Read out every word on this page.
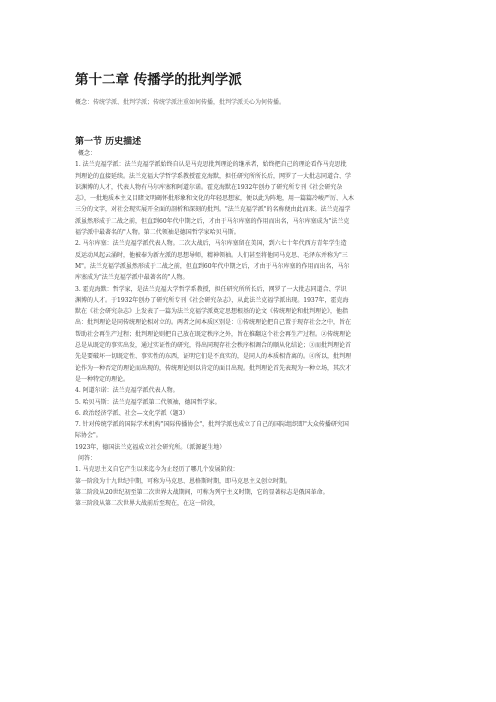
第十二章 传播学的批判学派
概念：传统学派、批判学派；传统学派注重如何传播，批判学派关心为何传播。
第一节 历史描述
概念：
1. 法兰克福学派：法兰克福学派始终自认是马克思批判理论的继承者，始终把自己的理论看作马克思批
判理论的直接延续。法兰克福大学哲学系教授霍克海默，担任研究所所长后，网罗了一大批志同道合、学
识渊博的人才，代表人物有马尔库塞和阿道尔诺。霍克海默在1932年创办了研究所专刊《社会研究杂
志》，一批地质本主义目睹文明碣怀批形象和文化的年轻思想家，便以此为阵地，用一篇篇冷峻严厉、入木
三分的文字，对社会现实展开全面的剖析和深刻的批判。"法兰克福学派"的名称便由此而来。法兰克福学
派虽然形成于二战之前，但直到60年代中期之后，才由于马尔库塞的作用而出名，马尔库塞成为"法兰克
福学派中最著名的"人物。第二代领袖是德国哲学家哈贝马斯。
2. 马尔库塞：法兰克福学派代表人物。二次大战后，马尔库塞留在美国，到六七十年代西方青年学生造
反运动风起云涌时，他被奉为新左派的思想导师，精神领袖。人们甚至将他同马克思、毛泽东并称为"三
M"。法兰克福学派虽然形成于二战之前，但直到60年代中期之后，才由于马尔库塞的作用而出名，马尔
库塞成为"法兰克福学派中最著名的"人物。
3. 霍克海默：哲学家，是法兰克福大学哲学系教授，担任研究所所长后，网罗了一大批志同道合、学识
渊博的人才。于1932年创办了研究所专刊《社会研究杂志》，从此法兰克福学派出现。1937年，霍克海
默在《社会研究杂志》上发表了一篇为法兰克福学派奠定思想根基的论文《传统理论和批判理论》，他指
出：批判理论是同传统理论相对立的。两者之间本质区别是：①传统理论把自己置于现存社会之中，旨在
帮助社会再生产过程；批判理论则把自己放在既定秩序之外，旨在推翻这个社会再生产过程。②传统理论
总是从既定的事实出发，通过实证性的研究，得出同现存社会秩序相调合的顺从化结论；③而批判理论首
先是要破坏一切既定性、事实性的东西，证明它们是不真实的，是同人的本质相背离的。④所以，批判理
论作为一种否定的理论而出现的，传统理论则以肯定的面目出现。批判理论首先表现为一种立场，其次才
是一种特定的理论。
4. 阿道尔诺：法兰克福学派代表人物。
5. 哈贝马斯：法兰克福学派第二代领袖，德国哲学家。
6. 政治经济学派、社会—文化学派（题3）
7. 针对传统学派的国际学术机构"国际传播协会"，批判学派也成立了自己的国际组织即"大众传播研究国
际协会"。
1923年，德国法兰克福成立社会研究所。（派源诞生地）
问答：
1. 马克思主义自它产生以来迄今为止经历了哪几个发展阶段：
第一阶段为十九世纪中期，可称为马克思、恩格斯时期，即马克思主义创立时期。
第二阶段从20世纪初至第二次世界大战期间，可称为列宁主义时期，它的显著标志是俄国革命。
第三阶段从第二次世界大战前后至现在，在这一阶段，
